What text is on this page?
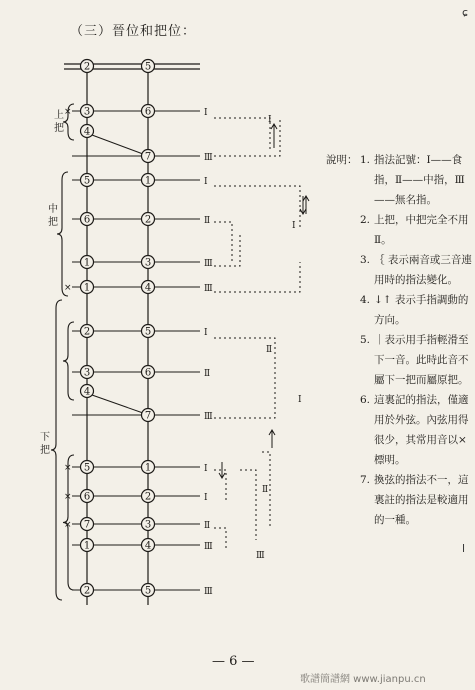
（三）晉位和把位：
2	5
3	6
4
7
5	1
6	2
1	3
1	4
2	5
3	6
4
7
5	1
6	2
7	3
1	4
2	5
×	I
Ⅲ
I
Ⅱ
Ⅲ
×	Ⅲ
I
Ⅱ
Ⅲ
×	I
×	I
×	Ⅱ
Ⅲ
Ⅲ
上
把
中
把
下
把
I
I
Ⅱ
I
Ⅱ
Ⅲ
說明： 1. 指法記號：Ⅰ——食指，Ⅱ——中指，Ⅲ——無名指。
2. 上把，中把完全不用Ⅱ。
3. ｛ 表示兩音或三音連用時的指法變化。
4. ↓↑ 表示手指調動的方向。
5. ｜表示用手指輕滑至下一音。此時此音不屬下一把而屬原把。
6. 這裏記的指法，僅適用於外弦。內弦用得很少，其常用音以×標明。
7. 換弦的指法不一，這裏註的指法是較適用的一種。
— 6 —
歌譜簡譜網 www.jianpu.cn
ɕ
ꞁ
